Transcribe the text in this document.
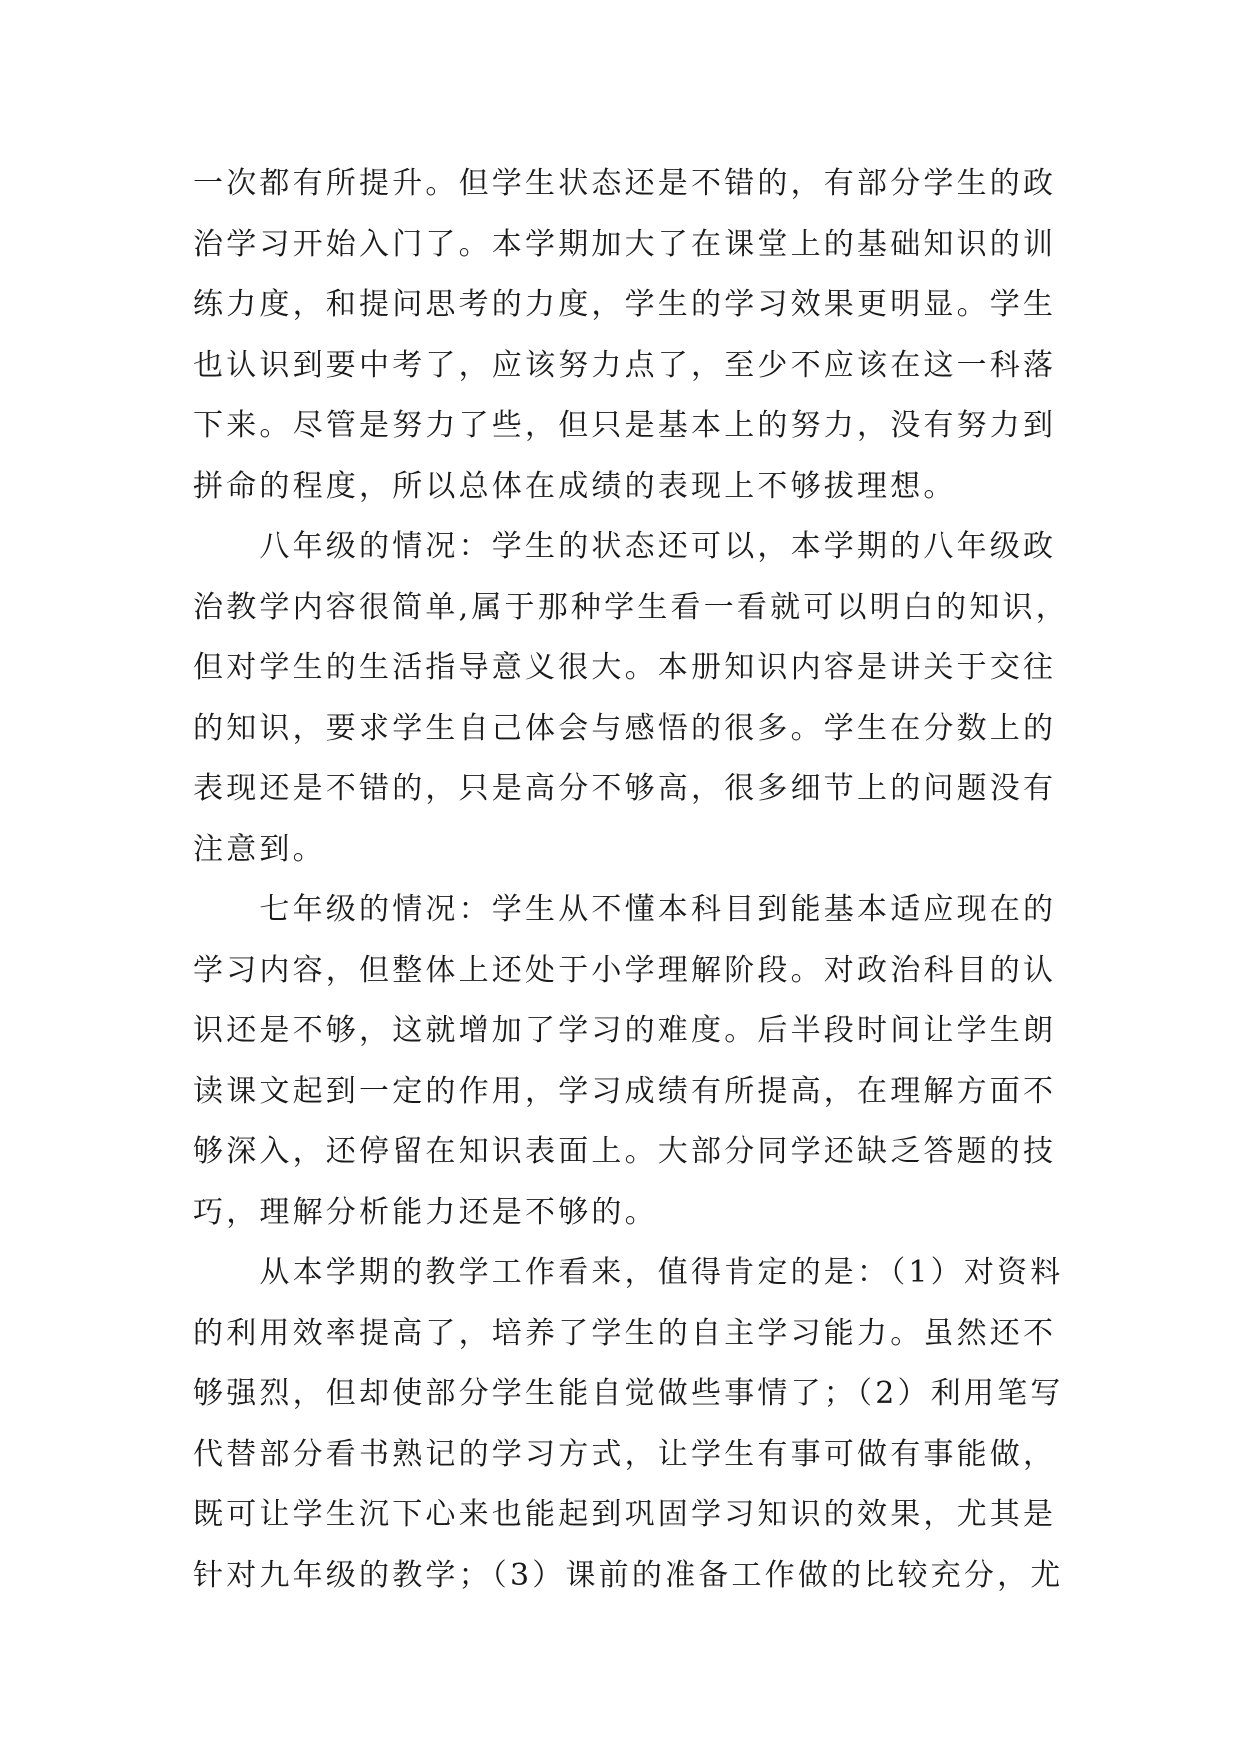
一次都有所提升。但学生状态还是不错的，有部分学生的政
治学习开始入门了。本学期加大了在课堂上的基础知识的训
练力度，和提问思考的力度，学生的学习效果更明显。学生
也认识到要中考了，应该努力点了，至少不应该在这一科落
下来。尽管是努力了些，但只是基本上的努力，没有努力到
拼命的程度，所以总体在成绩的表现上不够拔理想。
　　八年级的情况：学生的状态还可以，本学期的八年级政
治教学内容很简单,属于那种学生看一看就可以明白的知识，
但对学生的生活指导意义很大。本册知识内容是讲关于交往
的知识，要求学生自己体会与感悟的很多。学生在分数上的
表现还是不错的，只是高分不够高，很多细节上的问题没有
注意到。
　　七年级的情况：学生从不懂本科目到能基本适应现在的
学习内容，但整体上还处于小学理解阶段。对政治科目的认
识还是不够，这就增加了学习的难度。后半段时间让学生朗
读课文起到一定的作用，学习成绩有所提高，在理解方面不
够深入，还停留在知识表面上。大部分同学还缺乏答题的技
巧，理解分析能力还是不够的。
　　从本学期的教学工作看来，值得肯定的是：（1）对资料
的利用效率提高了，培养了学生的自主学习能力。虽然还不
够强烈，但却使部分学生能自觉做些事情了；（2）利用笔写
代替部分看书熟记的学习方式，让学生有事可做有事能做，
既可让学生沉下心来也能起到巩固学习知识的效果，尤其是
针对九年级的教学；（3）课前的准备工作做的比较充分，尤
